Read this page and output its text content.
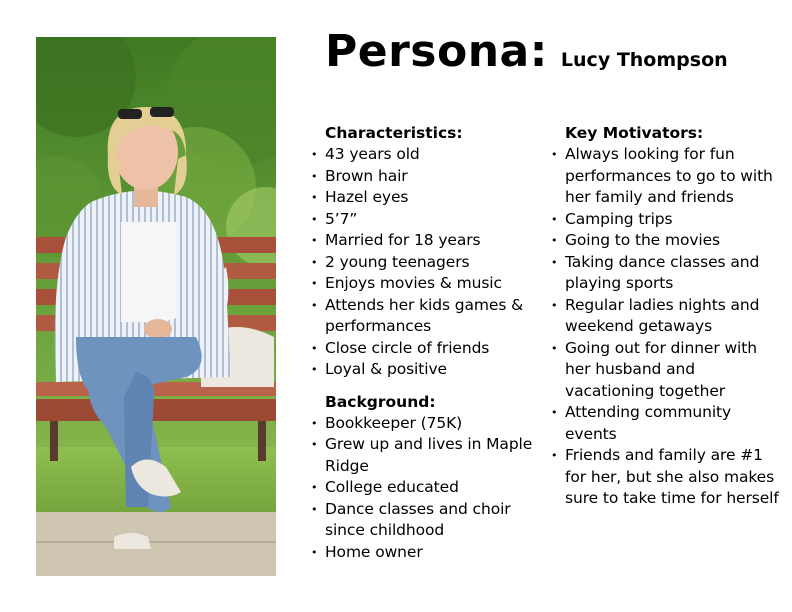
Persona: Lucy Thompson
Characteristics:
• 43 years old
• Brown hair
• Hazel eyes
• 5’7”
• Married for 18 years
• 2 young teenagers
• Enjoys movies & music
• Attends her kids games & performances
• Close circle of friends
• Loyal & positive
Background:
• Bookkeeper (75K)
• Grew up and lives in Maple Ridge
• College educated
• Dance classes and choir since childhood
• Home owner
Key Motivators:
• Always looking for fun performances to go to with her family and friends
• Camping trips
• Going to the movies
• Taking dance classes and playing sports
• Regular ladies nights and weekend getaways
• Going out for dinner with her husband and vacationing together
• Attending community events
• Friends and family are #1 for her, but she also makes sure to take time for herself
